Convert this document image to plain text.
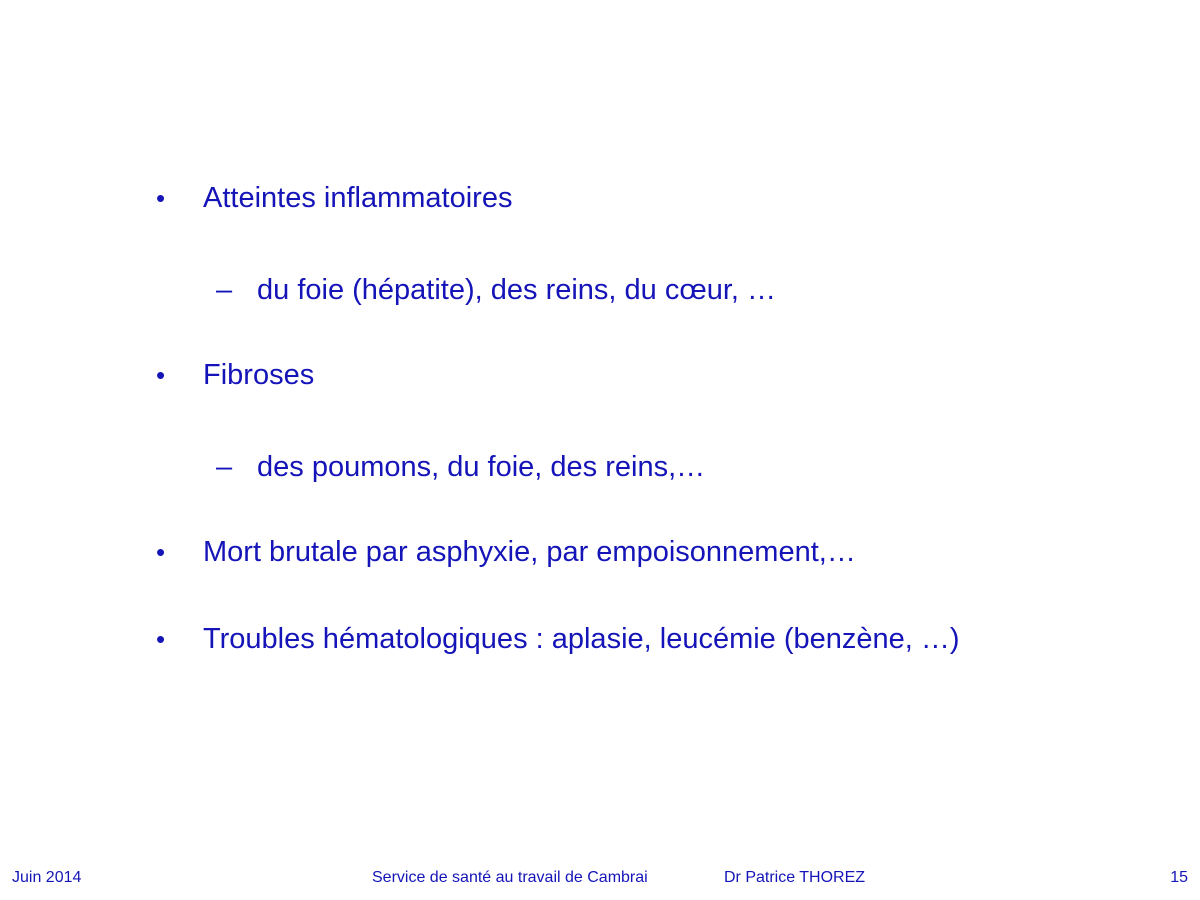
• Atteintes inflammatoires
– du foie (hépatite), des reins, du cœur, …
• Fibroses
– des poumons, du foie, des reins,…
• Mort brutale par asphyxie, par empoisonnement,…
• Troubles hématologiques : aplasie, leucémie (benzène, …)
Juin 2014	Service de santé au travail de Cambrai	Dr Patrice THOREZ	15
